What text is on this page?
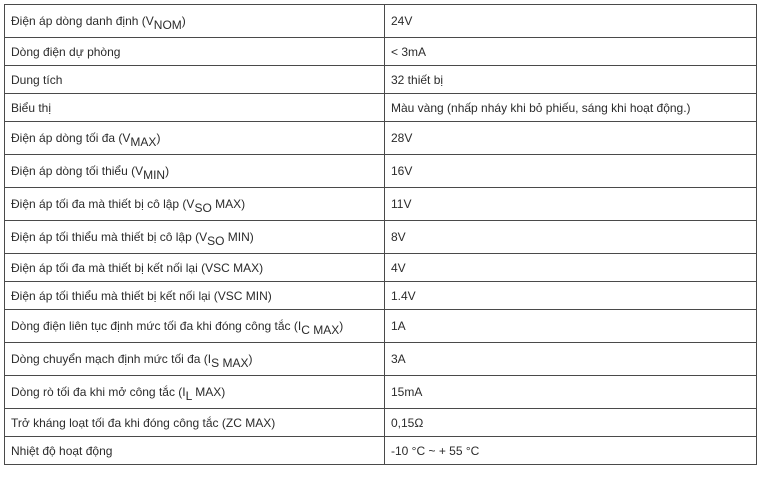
Điện áp dòng danh định (VNOM)	24V
Dòng điện dự phòng	< 3mA
Dung tích	32 thiết bị
Biểu thị	Màu vàng (nhấp nháy khi bỏ phiếu, sáng khi hoạt động.)
Điện áp dòng tối đa (VMAX)	28V
Điện áp dòng tối thiểu (VMIN)	16V
Điện áp tối đa mà thiết bị cô lập (VSO MAX)	11V
Điện áp tối thiểu mà thiết bị cô lập (VSO MIN)	8V
Điện áp tối đa mà thiết bị kết nối lại (VSC MAX)	4V
Điện áp tối thiểu mà thiết bị kết nối lại (VSC MIN)	1.4V
Dòng điện liên tục định mức tối đa khi đóng công tắc (IC MAX)	1A
Dòng chuyển mạch định mức tối đa (IS MAX)	3A
Dòng rò tối đa khi mở công tắc (IL MAX)	15mA
Trở kháng loạt tối đa khi đóng công tắc (ZC MAX)	0,15Ω
Nhiệt độ hoạt động	-10 °C ~ + 55 °C
